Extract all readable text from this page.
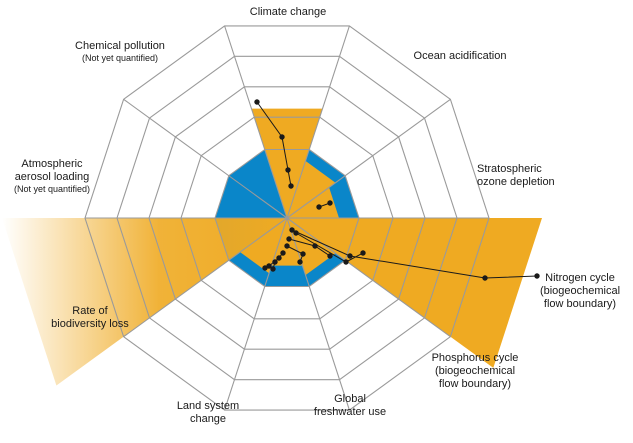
Climate change
Ocean acidification
Stratospheric
ozone depletion
Nitrogen cycle
(biogeochemical
flow boundary)
Phosphorus cycle
(biogeochemical
flow boundary)
Global
freshwater use
Land system
change
Rate of
biodiversity loss
Atmospheric
aerosol loading
(Not yet quantified)
Chemical pollution
(Not yet quantified)
